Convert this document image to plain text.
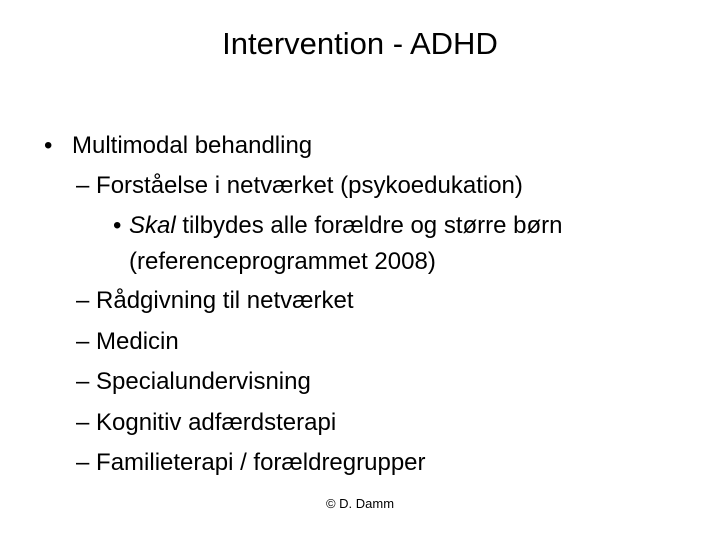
Intervention - ADHD
• Multimodal behandling
– Forståelse i netværket (psykoedukation)
• Skal tilbydes alle forældre og større børn
(referenceprogrammet 2008)
– Rådgivning til netværket
– Medicin
– Specialundervisning
– Kognitiv adfærdsterapi
– Familieterapi / forældregrupper
© D. Damm
